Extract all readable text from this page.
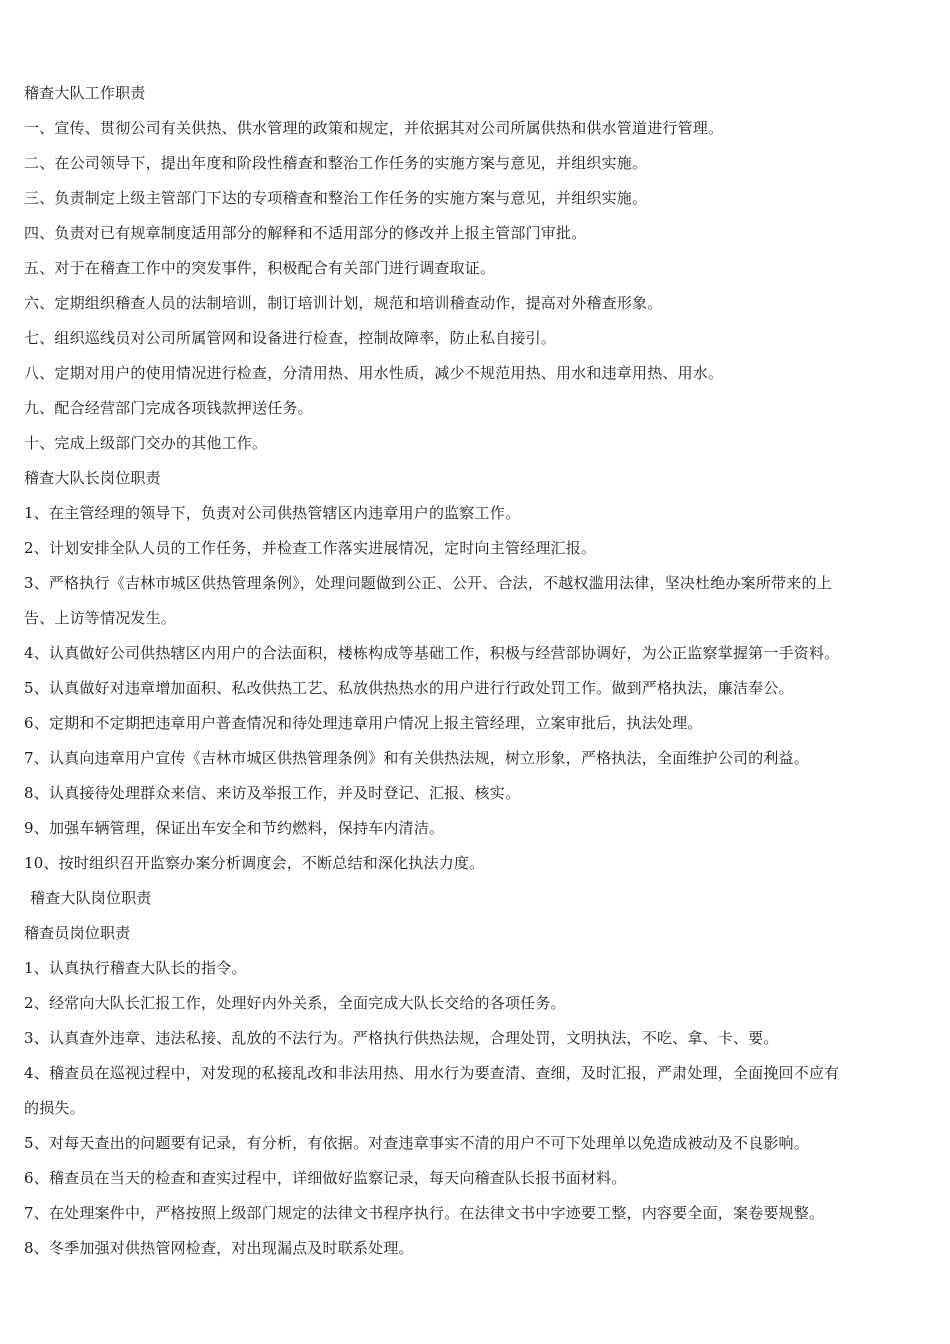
稽查大队工作职责
一、宣传、贯彻公司有关供热、供水管理的政策和规定，并依据其对公司所属供热和供水管道进行管理。
二、在公司领导下，提出年度和阶段性稽查和整治工作任务的实施方案与意见，并组织实施。
三、负责制定上级主管部门下达的专项稽查和整治工作任务的实施方案与意见，并组织实施。
四、负责对已有规章制度适用部分的解释和不适用部分的修改并上报主管部门审批。
五、对于在稽查工作中的突发事件，积极配合有关部门进行调查取证。
六、定期组织稽查人员的法制培训，制订培训计划，规范和培训稽查动作，提高对外稽查形象。
七、组织巡线员对公司所属管网和设备进行检查，控制故障率，防止私自接引。
八、定期对用户的使用情况进行检查，分清用热、用水性质，减少不规范用热、用水和违章用热、用水。
九、配合经营部门完成各项钱款押送任务。
十、完成上级部门交办的其他工作。
稽查大队长岗位职责
1、在主管经理的领导下，负责对公司供热管辖区内违章用户的监察工作。
2、计划安排全队人员的工作任务，并检查工作落实进展情况，定时向主管经理汇报。
3、严格执行《吉林市城区供热管理条例》，处理问题做到公正、公开、合法，不越权滥用法律，坚决杜绝办案所带来的上
告、上访等情况发生。
4、认真做好公司供热辖区内用户的合法面积，楼栋构成等基础工作，积极与经营部协调好，为公正监察掌握第一手资料。
5、认真做好对违章增加面积、私改供热工艺、私放供热热水的用户进行行政处罚工作。做到严格执法，廉洁奉公。
6、定期和不定期把违章用户普查情况和待处理违章用户情况上报主管经理，立案审批后，执法处理。
7、认真向违章用户宣传《吉林市城区供热管理条例》和有关供热法规，树立形象，严格执法，全面维护公司的利益。
8、认真接待处理群众来信、来访及举报工作，并及时登记、汇报、核实。
9、加强车辆管理，保证出车安全和节约燃料，保持车内清洁。
10、按时组织召开监察办案分析调度会，不断总结和深化执法力度。
稽查大队岗位职责
稽查员岗位职责
1、认真执行稽查大队长的指令。
2、经常向大队长汇报工作，处理好内外关系，全面完成大队长交给的各项任务。
3、认真查外违章、违法私接、乱放的不法行为。严格执行供热法规，合理处罚，文明执法，不吃、拿、卡、要。
4、稽查员在巡视过程中，对发现的私接乱改和非法用热、用水行为要查清、查细，及时汇报，严肃处理，全面挽回不应有
的损失。
5、对每天查出的问题要有记录，有分析，有依据。对查违章事实不清的用户不可下处理单以免造成被动及不良影响。
6、稽查员在当天的检查和查实过程中，详细做好监察记录，每天向稽查队长报书面材料。
7、在处理案件中，严格按照上级部门规定的法律文书程序执行。在法律文书中字迹要工整，内容要全面，案卷要规整。
8、冬季加强对供热管网检查，对出现漏点及时联系处理。
